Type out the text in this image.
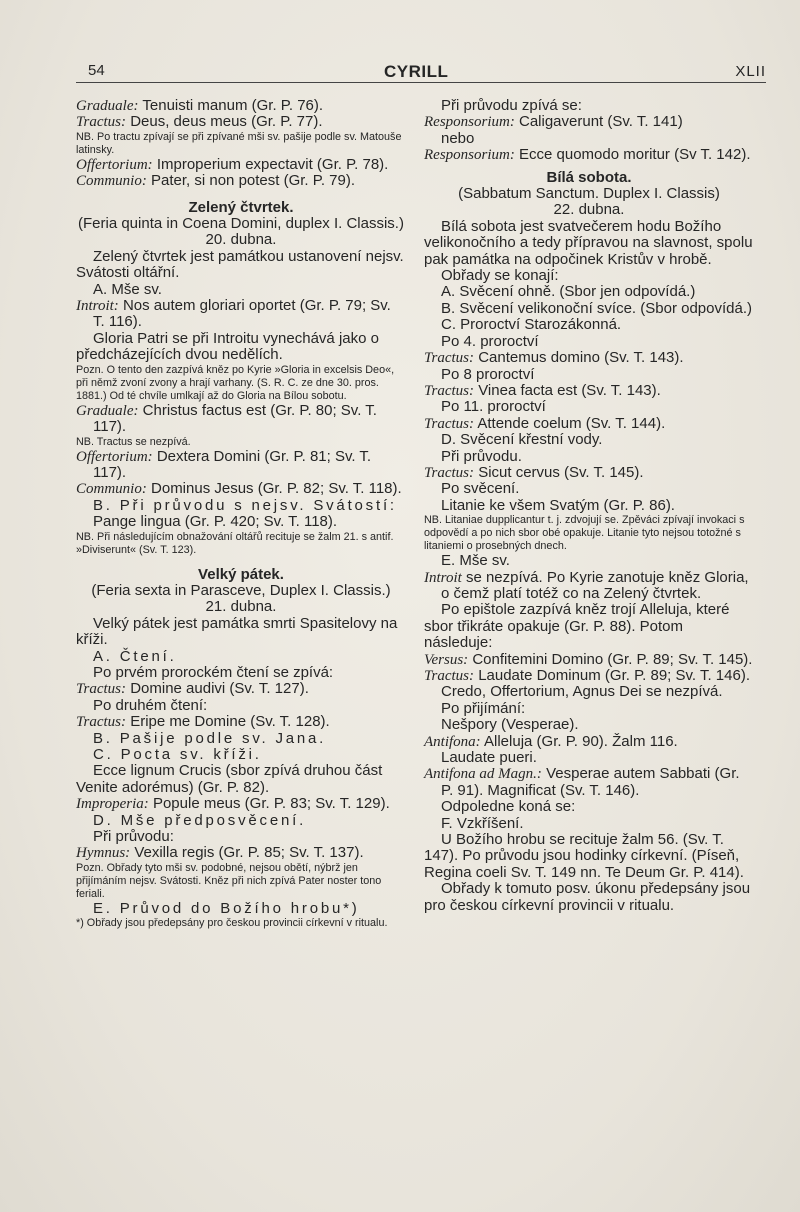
54	CYRILL	XLII

Graduale: Tenuisti manum (Gr. P. 76).

Tractus: Deus, deus meus (Gr. P. 77).

NB. Po tractu zpívají se při zpívané mši sv. pašije podle sv. Matouše latinsky.

Offertorium: Improperium expectavit (Gr. P. 78).

Communio: Pater, si non potest (Gr. P. 79).

Zelený čtvrtek.

(Feria quinta in Coena Domini, duplex I. Classis.)

20. dubna.

Zelený čtvrtek jest památkou ustanovení nejsv. Svátosti oltářní.

A. Mše sv.

Introit: Nos autem gloriari oportet (Gr. P. 79; Sv. T. 116).

Gloria Patri se při Introitu vynechává jako o předcházejících dvou nedělích.

Pozn. O tento den zazpívá kněz po Kyrie »Gloria in excelsis Deo«, při němž zvoní zvony a hrají varhany. (S. R. C. ze dne 30. pros. 1881.) Od té chvíle umlkají až do Gloria na Bílou sobotu.

Graduale: Christus factus est (Gr. P. 80; Sv. T. 117).

NB. Tractus se nezpívá.

Offertorium: Dextera Domini (Gr. P. 81; Sv. T. 117).

Communio: Dominus Jesus (Gr. P. 82; Sv. T. 118).

B. Při průvodu s nejsv. Svátostí:

Pange lingua (Gr. P. 420; Sv. T. 118).

NB. Při následujícím obnažování oltářů recituje se žalm 21. s antif. »Diviserunt« (Sv. T. 123).

Velký pátek.

(Feria sexta in Parasceve, Duplex I. Classis.)

21. dubna.

Velký pátek jest památka smrti Spasitelovy na kříži.

A. Čtení.

Po prvém prorockém čtení se zpívá:

Tractus: Domine audivi (Sv. T. 127).

Po druhém čtení:

Tractus: Eripe me Domine (Sv. T. 128).

B. Pašije podle sv. Jana.

C. Pocta sv. kříži.

Ecce lignum Crucis (sbor zpívá druhou část Venite adorémus) (Gr. P. 82).

Improperia: Popule meus (Gr. P. 83; Sv. T. 129).

D. Mše předposvěcení.

Při průvodu:

Hymnus: Vexilla regis (Gr. P. 85; Sv. T. 137).

Pozn. Obřady tyto mši sv. podobné, nejsou obětí, nýbrž jen přijímáním nejsv. Svátosti. Kněz při nich zpívá Pater noster tono feriali.

E. Průvod do Božího hrobu*)

*) Obřady jsou předepsány pro českou provincii církevní v ritualu.

Při průvodu zpívá se:

Responsorium: Caligaverunt (Sv. T. 141)

nebo

Responsorium: Ecce quomodo moritur (Sv T. 142).

Bílá sobota.

(Sabbatum Sanctum. Duplex I. Classis)

22. dubna.

Bílá sobota jest svatvečerem hodu Božího velikonočního a tedy přípravou na slavnost, spolu pak památka na odpočinek Kristův v hrobě.

Obřady se konají:

A. Svěcení ohně. (Sbor jen odpovídá.)

B. Svěcení velikonoční svíce. (Sbor odpovídá.)

C. Proroctví Starozákonná.

Po 4. proroctví

Tractus: Cantemus domino (Sv. T. 143).

Po 8 proroctví

Tractus: Vinea facta est (Sv. T. 143).

Po 11. proroctví

Tractus: Attende coelum (Sv. T. 144).

D. Svěcení křestní vody.

Při průvodu.

Tractus: Sicut cervus (Sv. T. 145).

Po svěcení.

Litanie ke všem Svatým (Gr. P. 86).

NB. Litaniae dupplicantur t. j. zdvojují se. Zpěváci zpívají invokaci s odpovědí a po nich sbor obé opakuje. Litanie tyto nejsou totožné s litaniemi o prosebných dnech.

E. Mše sv.

Introit se nezpívá. Po Kyrie zanotuje kněz Gloria, o čemž platí totéž co na Zelený čtvrtek.

Po epištole zazpívá kněz trojí Alleluja, které sbor třikráte opakuje (Gr. P. 88). Potom následuje:

Versus: Confitemini Domino (Gr. P. 89; Sv. T. 145).

Tractus: Laudate Dominum (Gr. P. 89; Sv. T. 146).

Credo, Offertorium, Agnus Dei se nezpívá.

Po přijímání:

Nešpory (Vesperae).

Antifona: Alleluja (Gr. P. 90). Žalm 116.

Laudate pueri.

Antifona ad Magn.: Vesperae autem Sabbati (Gr. P. 91). Magnificat (Sv. T. 146).

Odpoledne koná se:

F. Vzkříšení.

U Božího hrobu se recituje žalm 56. (Sv. T. 147). Po průvodu jsou hodinky církevní. (Píseň, Regina coeli Sv. T. 149 nn. Te Deum Gr. P. 414).

Obřady k tomuto posv. úkonu předepsány jsou pro českou církevní provincii v ritualu.
